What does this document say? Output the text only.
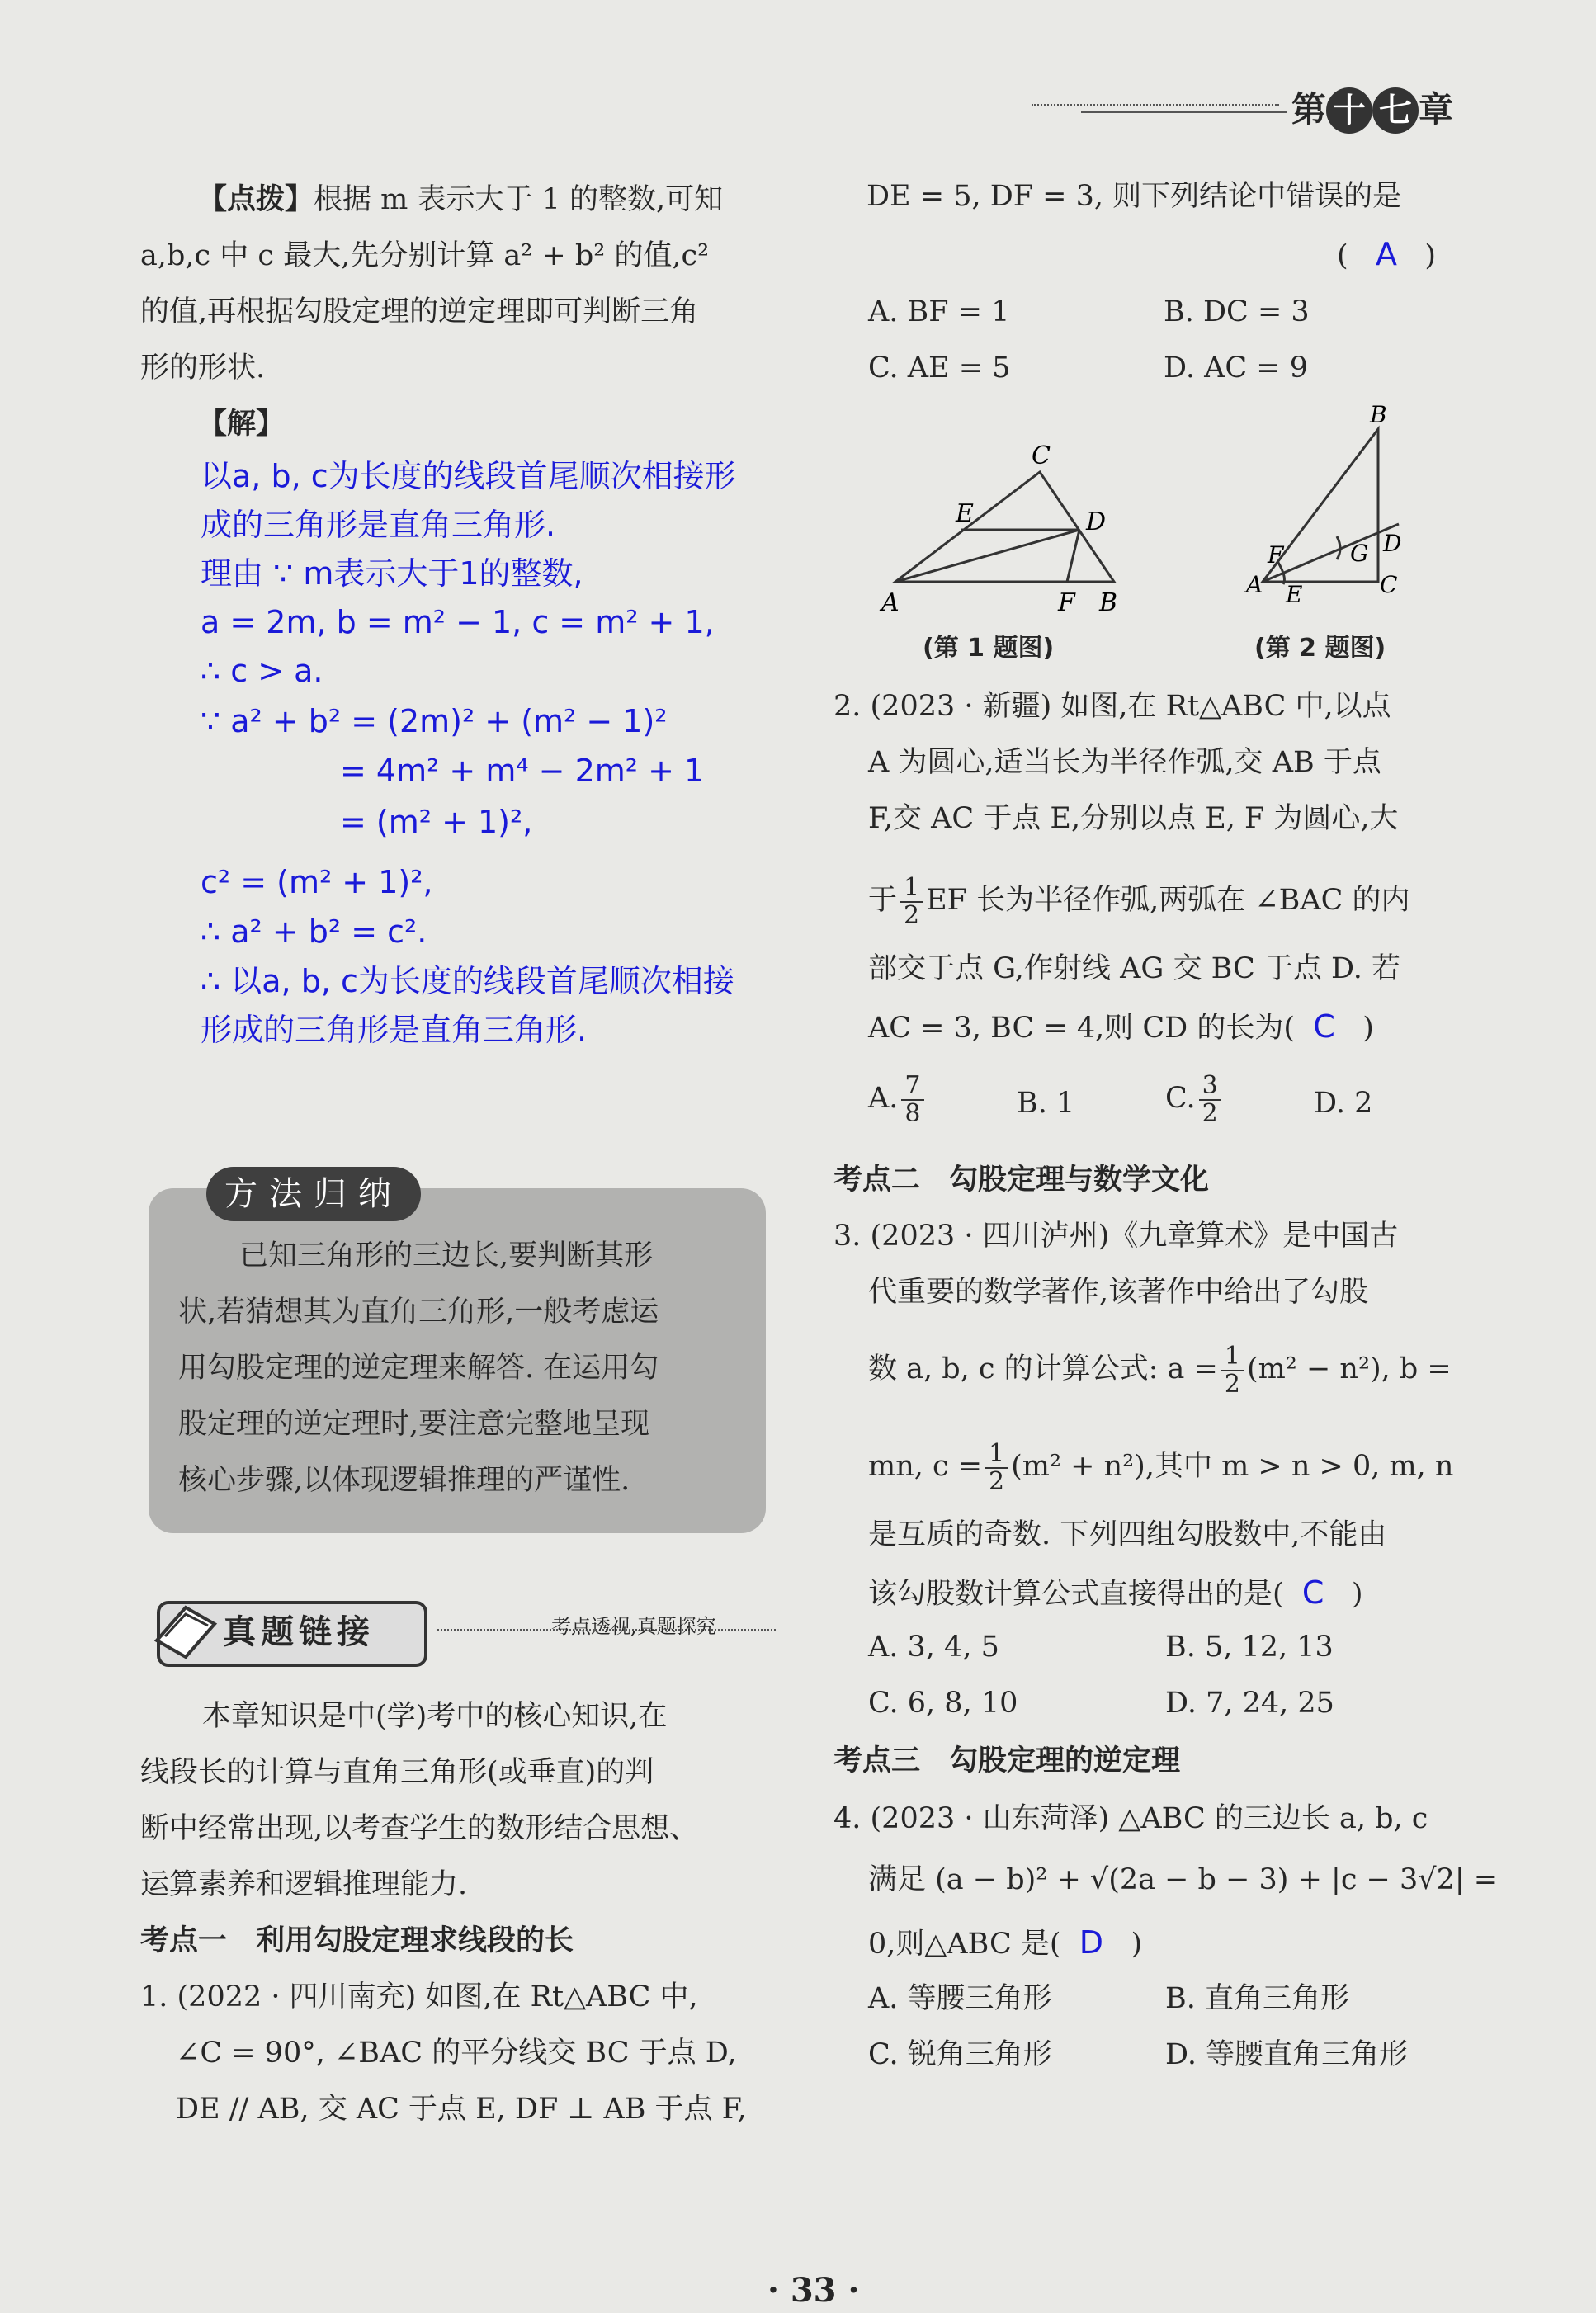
第 十 七 章
【点拨】根据 m 表示大于 1 的整数,可知
a,b,c 中 c 最大,先分别计算 a² + b² 的值,c²
的值,再根据勾股定理的逆定理即可判断三角
形的形状.
【解】
以a, b, c为长度的线段首尾顺次相接形
成的三角形是直角三角形.
理由 ∵ m表示大于1的整数,
a = 2m, b = m² − 1, c = m² + 1,
∴ c > a.
∵ a² + b² = (2m)² + (m² − 1)²
= 4m² + m⁴ − 2m² + 1
= (m² + 1)²,
c² = (m² + 1)²,
∴ a² + b² = c².
∴ 以a, b, c为长度的线段首尾顺次相接
形成的三角形是直角三角形.
方法归纳
已知三角形的三边长,要判断其形
状,若猜想其为直角三角形,一般考虑运
用勾股定理的逆定理来解答. 在运用勾
股定理的逆定理时,要注意完整地呈现
核心步骤,以体现逻辑推理的严谨性.
真题链接	考点透视,真题探究
本章知识是中(学)考中的核心知识,在
线段长的计算与直角三角形(或垂直)的判
断中经常出现,以考查学生的数形结合思想、
运算素养和逻辑推理能力.
考点一　利用勾股定理求线段的长
1. (2022 · 四川南充) 如图,在 Rt△ABC 中,
∠C = 90°, ∠BAC 的平分线交 BC 于点 D,
DE // AB, 交 AC 于点 E, DF ⊥ AB 于点 F,
DE = 5, DF = 3, 则下列结论中错误的是
(   A )
A. BF = 1	B. DC = 3
C. AE = 5	D. AC = 9
A	B
C
D
E
F
(第 1 题图)
A
B
C
D
E
F	G
(第 2 题图)
2. (2023 · 新疆) 如图,在 Rt△ABC 中,以点
A 为圆心,适当长为半径作弧,交 AB 于点
F,交 AC 于点 E,分别以点 E, F 为圆心,大
于 $\frac{1}{2}$ EF 长为半径作弧,两弧在 ∠BAC 的内
部交于点 G,作射线 AG 交 BC 于点 D. 若
AC = 3, BC = 4,则 CD 的长为( C )
A. $\frac{7}{8}$	B. 1	C. $\frac{3}{2}$	D. 2
考点二　勾股定理与数学文化
3. (2023 · 四川泸州)《九章算术》是中国古
代重要的数学著作,该著作中给出了勾股
数 a, b, c 的计算公式: $a = \frac{1}{2} (m^2 - n^2)$, b =
mn, $c = \frac{1}{2} (m^2 + n^2)$,其中 m > n > 0, m, n
是互质的奇数. 下列四组勾股数中,不能由
该勾股数计算公式直接得出的是( C )
A. 3, 4, 5	B. 5, 12, 13
C. 6, 8, 10	D. 7, 24, 25
考点三　勾股定理的逆定理
4. (2023 · 山东菏泽) △ABC 的三边长 a, b, c
满足 (a − b)² + √(2a − b − 3) + |c − 3√2| =
0,则△ABC 是( D )
A. 等腰三角形	B. 直角三角形
C. 锐角三角形	D. 等腰直角三角形
· 33 ·
